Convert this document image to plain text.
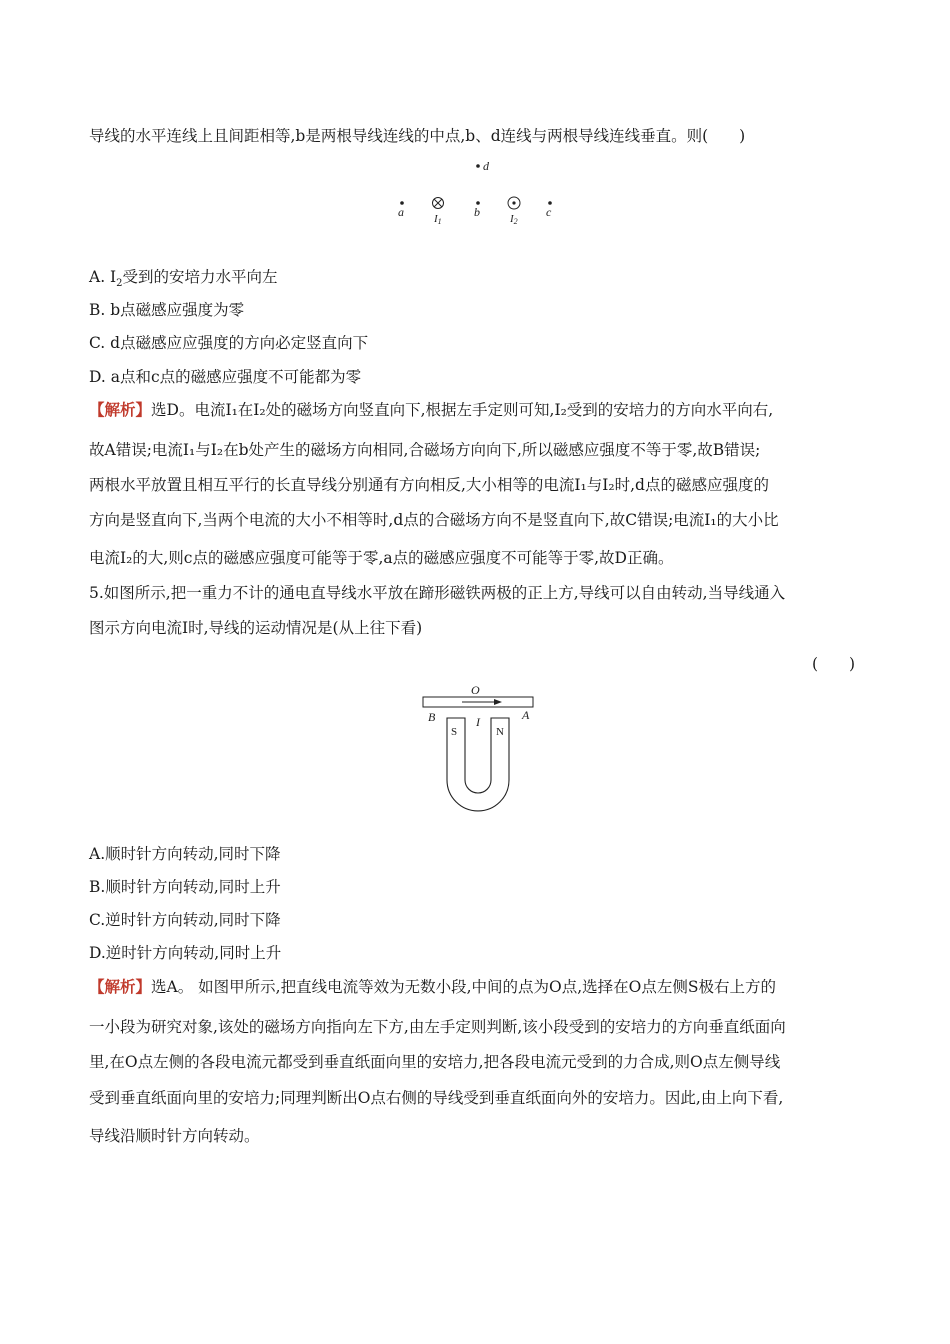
导线的水平连线上且间距相等,b是两根导线连线的中点,b、d连线与两根导线连线垂直。则(　　)
d
a	I1
b	I2
c
A. $I_2$受到的安培力水平向左
B. b点磁感应强度为零
C. d点磁感应应强度的方向必定竖直向下
D. a点和c点的磁感应强度不可能都为零
【解析】选D。电流I₁在I₂处的磁场方向竖直向下,根据左手定则可知,I₂受到的安培力的方向水平向右,
故A错误;电流I₁与I₂在b处产生的磁场方向相同,合磁场方向向下,所以磁感应强度不等于零,故B错误;
两根水平放置且相互平行的长直导线分别通有方向相反,大小相等的电流I₁与I₂时,d点的磁感应强度的
方向是竖直向下,当两个电流的大小不相等时,d点的合磁场方向不是竖直向下,故C错误;电流I₁的大小比
电流I₂的大,则c点的磁感应强度可能等于零,a点的磁感应强度不可能等于零,故D正确。
5.如图所示,把一重力不计的通电直导线水平放在蹄形磁铁两极的正上方,导线可以自由转动,当导线通入
图示方向电流I时,导线的运动情况是(从上往下看)
(　　)
O
B	A
I
S	N
A.顺时针方向转动,同时下降
B.顺时针方向转动,同时上升
C.逆时针方向转动,同时下降
D.逆时针方向转动,同时上升
【解析】选A。 如图甲所示,把直线电流等效为无数小段,中间的点为O点,选择在O点左侧S极右上方的
一小段为研究对象,该处的磁场方向指向左下方,由左手定则判断,该小段受到的安培力的方向垂直纸面向
里,在O点左侧的各段电流元都受到垂直纸面向里的安培力,把各段电流元受到的力合成,则O点左侧导线
受到垂直纸面向里的安培力;同理判断出O点右侧的导线受到垂直纸面向外的安培力。因此,由上向下看,
导线沿顺时针方向转动。
